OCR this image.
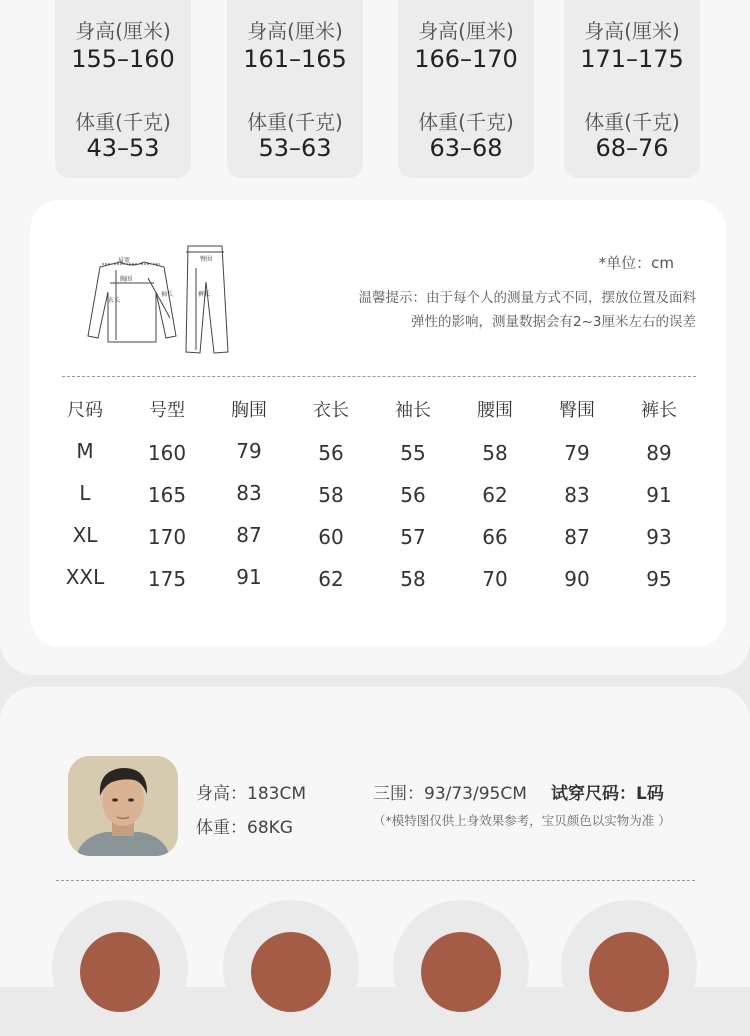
身高(厘米)
155–160
体重(千克)
43–53
身高(厘米)
161–165
体重(千克)
53–63
身高(厘米)
166–170
体重(千克)
63–68
身高(厘米)
171–175
体重(千克)
68–76
肩宽
胸围
衣长
袖长
臀围
裤长
*单位：cm
温馨提示：由于每个人的测量方式不同，摆放位置及面料
弹性的影响，测量数据会有2~3厘米左右的误差
尺码	号型	胸围	衣长	袖长	腰围	臀围	裤长
M	160	79	56	55	58	79	89
L	165	83	58	56	62	83	91
XL	170	87	60	57	66	87	93
XXL	175	91	62	58	70	90	95
身高：183CM
体重：68KG
三围：93/73/95CM 试穿尺码：L码
（*模特图仅供上身效果参考，宝贝颜色以实物为准 ）
